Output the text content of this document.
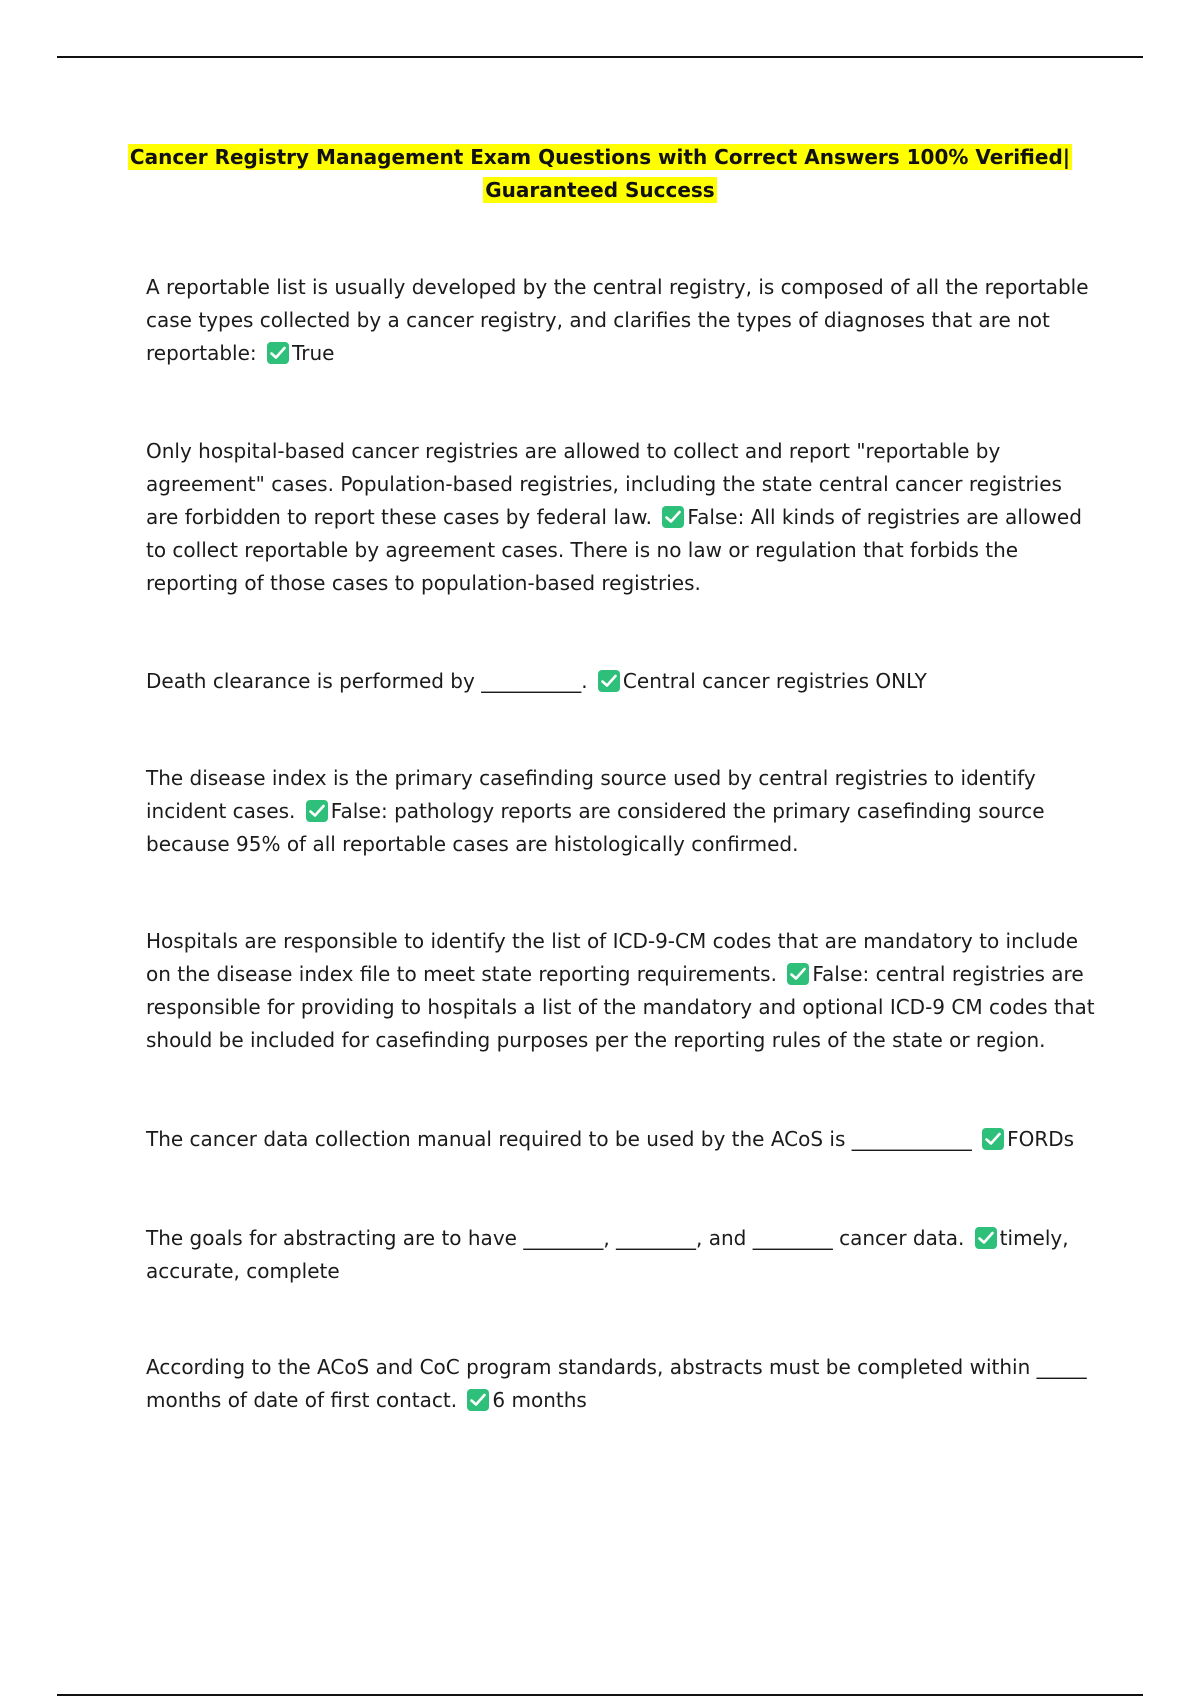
Cancer Registry Management Exam Questions with Correct Answers 100% Verified|
Guaranteed Success

A reportable list is usually developed by the central registry, is composed of all the reportable case types collected by a cancer registry, and clarifies the types of diagnoses that are not reportable: True

Only hospital-based cancer registries are allowed to collect and report "reportable by agreement" cases. Population-based registries, including the state central cancer registries are forbidden to report these cases by federal law. False: All kinds of registries are allowed to collect reportable by agreement cases. There is no law or regulation that forbids the reporting of those cases to population-based registries.

Death clearance is performed by __________. Central cancer registries ONLY

The disease index is the primary casefinding source used by central registries to identify incident cases. False: pathology reports are considered the primary casefinding source because 95% of all reportable cases are histologically confirmed.

Hospitals are responsible to identify the list of ICD-9-CM codes that are mandatory to include on the disease index file to meet state reporting requirements. False: central registries are responsible for providing to hospitals a list of the mandatory and optional ICD-9 CM codes that should be included for casefinding purposes per the reporting rules of the state or region.

The cancer data collection manual required to be used by the ACoS is ____________ FORDs

The goals for abstracting are to have ________, ________, and ________ cancer data. timely, accurate, complete

According to the ACoS and CoC program standards, abstracts must be completed within _____ months of date of first contact. 6 months
